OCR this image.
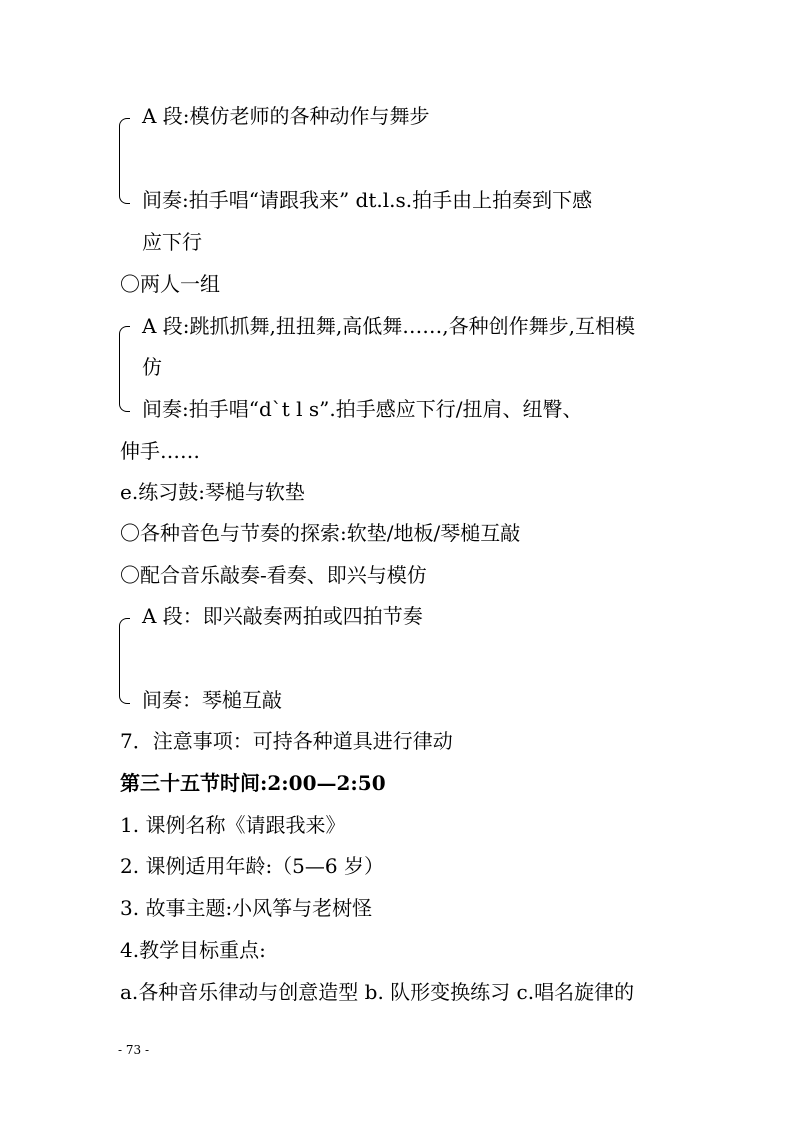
A 段:模仿老师的各种动作与舞步
间奏:拍手唱“请跟我来” dt.l.s.拍手由上拍奏到下感
应下行
〇两人一组
A 段:跳抓抓舞,扭扭舞,高低舞……,各种创作舞步,互相模
仿
间奏:拍手唱“d`t l s”.拍手感应下行/扭肩、纽臀、
伸手……
e.练习鼓:琴槌与软垫
〇各种音色与节奏的探索:软垫/地板/琴槌互敲
〇配合音乐敲奏-看奏、即兴与模仿
A 段：即兴敲奏两拍或四拍节奏
间奏：琴槌互敲
7．注意事项：可持各种道具进行律动
第三十五节时间:2:00—2:50
1. 课例名称《请跟我来》
2. 课例适用年龄:（5—6 岁）
3. 故事主题:小风筝与老树怪
4.教学目标重点:
a.各种音乐律动与创意造型 b. 队形变换练习 c.唱名旋律的
- 73 -
